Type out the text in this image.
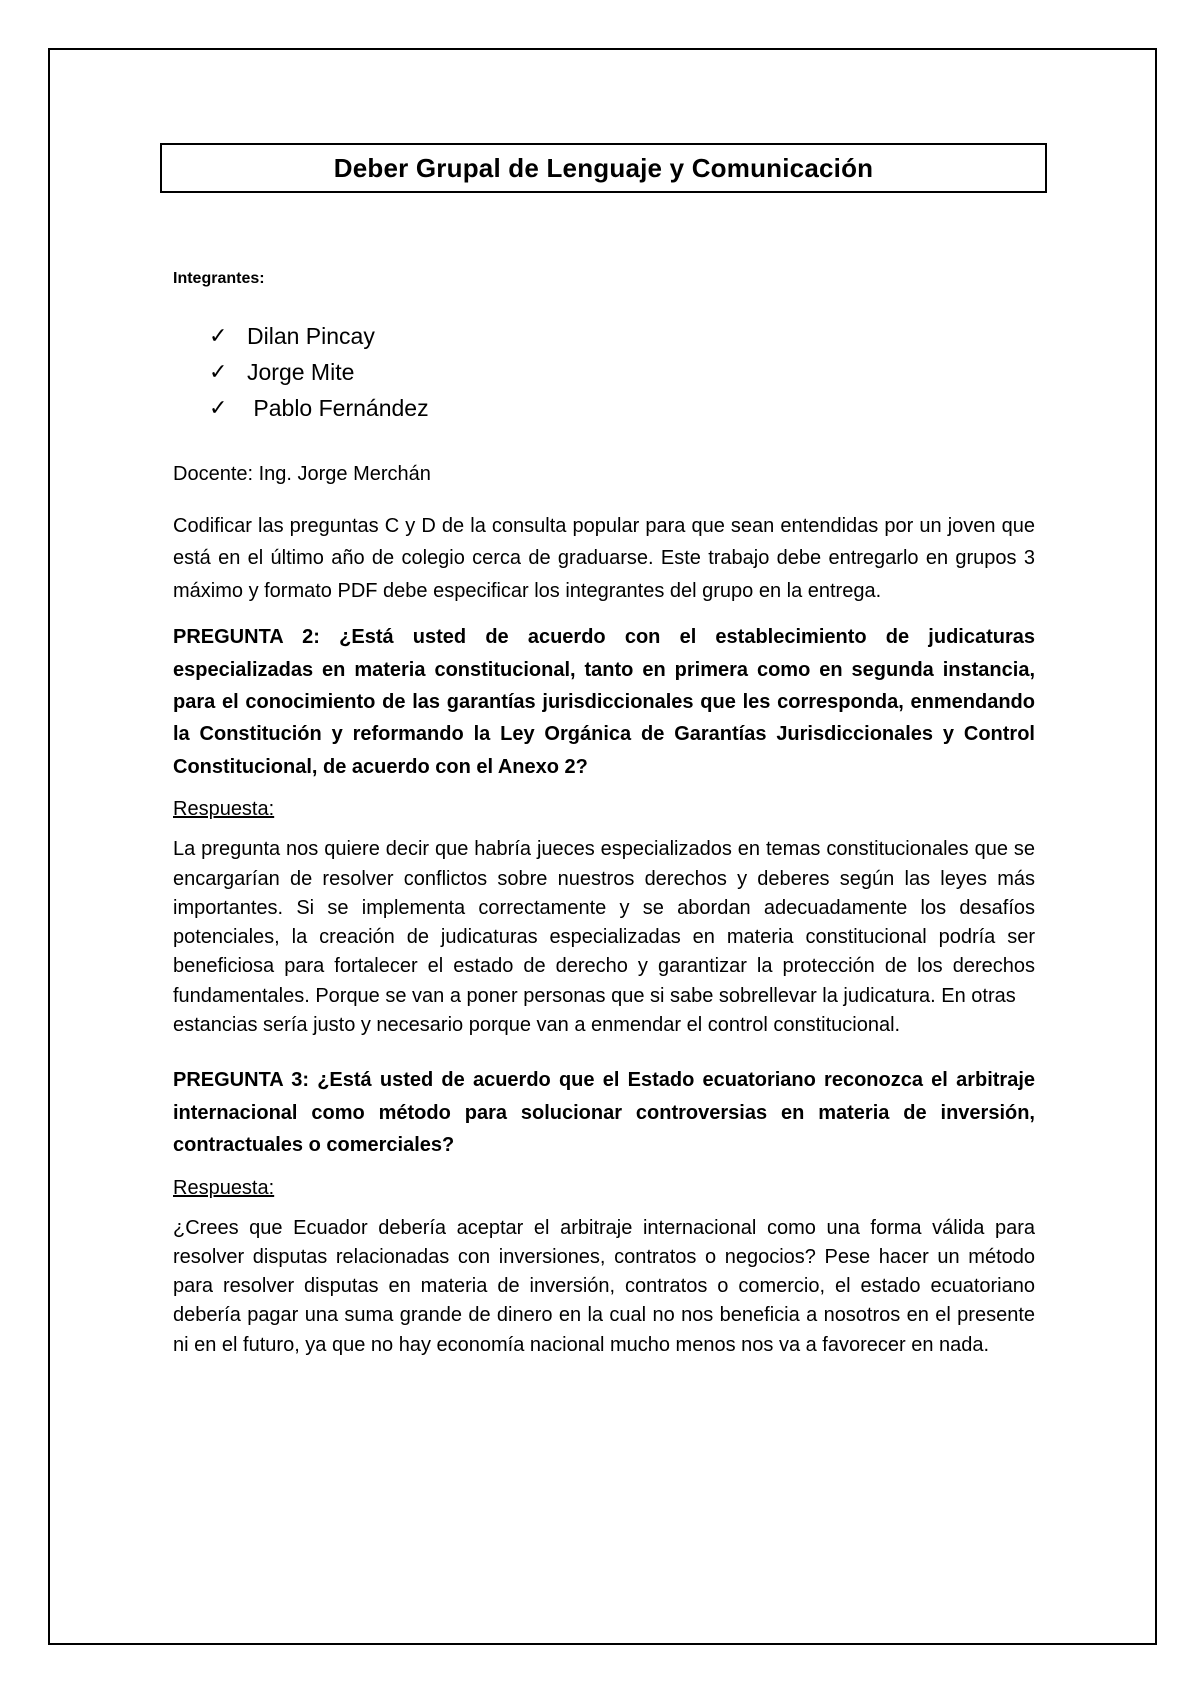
Deber Grupal de Lenguaje y Comunicación

Integrantes:

✓ Dilan Pincay
✓ Jorge Mite
✓ Pablo Fernández

Docente: Ing. Jorge Merchán

Codificar las preguntas C y D de la consulta popular para que sean entendidas por un joven que está en el último año de colegio cerca de graduarse. Este trabajo debe entregarlo en grupos 3 máximo y formato PDF debe especificar los integrantes del grupo en la entrega.

PREGUNTA 2: ¿Está usted de acuerdo con el establecimiento de judicaturas especializadas en materia constitucional, tanto en primera como en segunda instancia, para el conocimiento de las garantías jurisdiccionales que les corresponda, enmendando la Constitución y reformando la Ley Orgánica de Garantías Jurisdiccionales y Control Constitucional, de acuerdo con el Anexo 2?

Respuesta:

La pregunta nos quiere decir que habría jueces especializados en temas constitucionales que se encargarían de resolver conflictos sobre nuestros derechos y deberes según las leyes más importantes. Si se implementa correctamente y se abordan adecuadamente los desafíos potenciales, la creación de judicaturas especializadas en materia constitucional podría ser beneficiosa para fortalecer el estado de derecho y garantizar la protección de los derechos fundamentales. Porque se van a poner personas que si sabe sobrellevar la judicatura. En otras
estancias sería justo y necesario porque van a enmendar el control constitucional.

PREGUNTA 3: ¿Está usted de acuerdo que el Estado ecuatoriano reconozca el arbitraje internacional como método para solucionar controversias en materia de inversión, contractuales o comerciales?

Respuesta:

¿Crees que Ecuador debería aceptar el arbitraje internacional como una forma válida para resolver disputas relacionadas con inversiones, contratos o negocios? Pese hacer un método para resolver disputas en materia de inversión, contratos o comercio, el estado ecuatoriano debería pagar una suma grande de dinero en la cual no nos beneficia a nosotros en el presente ni en el futuro, ya que no hay economía nacional mucho menos nos va a favorecer en nada.
